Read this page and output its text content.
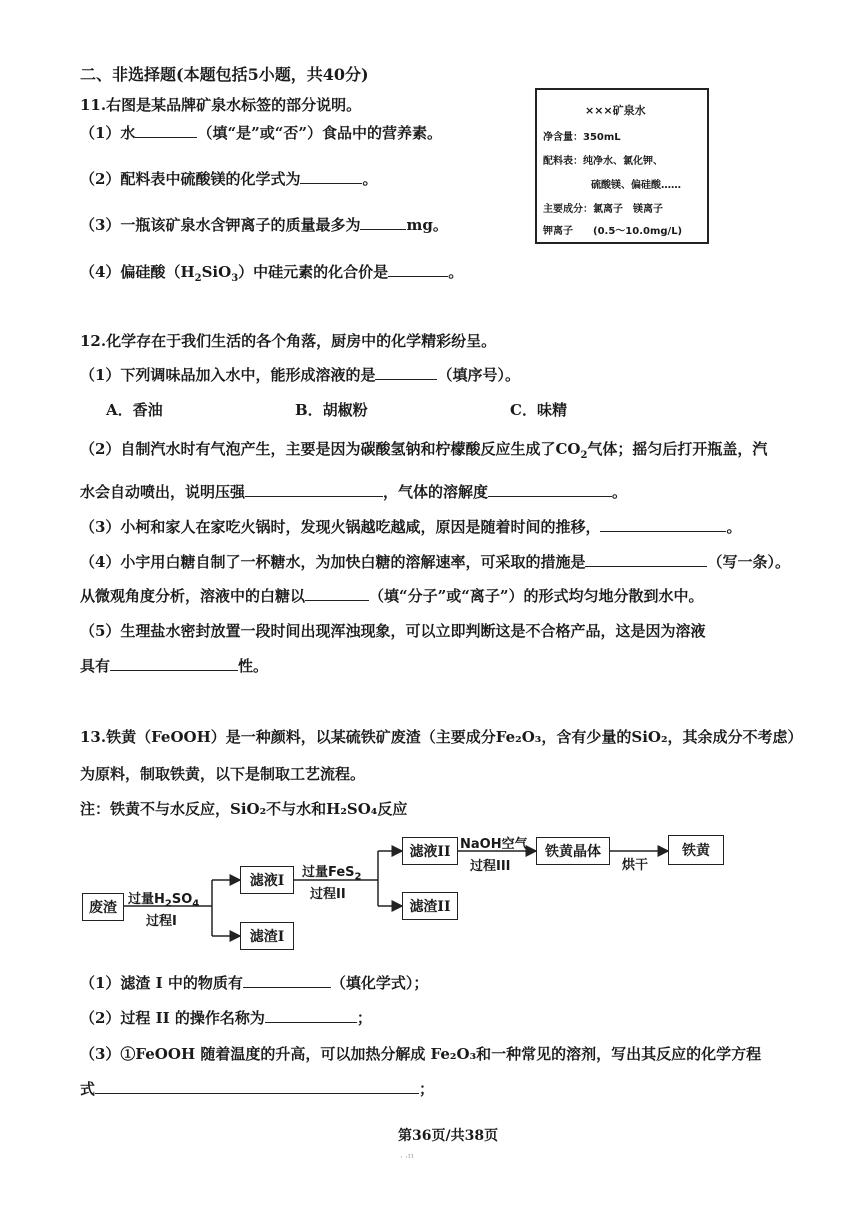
二、非选择题(本题包括5小题，共40分)
11.右图是某品牌矿泉水标签的部分说明。
（1）水	（填“是”或“否”）食品中的营养素。
（2）配料表中硫酸镁的化学式为	。
（3）一瓶该矿泉水含钾离子的质量最多为	mg。
（4）偏硅酸$(H_2SiO_3)$中硅元素的化合价是	。
×××矿泉水
净含量：350mL
配料表：纯净水、氯化钾、
硫酸镁、偏硅酸……
主要成分：氯离子　镁离子
钾离子　　(0.5～10.0mg/L)
12.化学存在于我们生活的各个角落，厨房中的化学精彩纷呈。
（1）下列调味品加入水中，能形成溶液的是	（填序号）。
A．香油	B．胡椒粉	C．味精
（2）自制汽水时有气泡产生，主要是因为碳酸氢钠和柠檬酸反应生成了$CO_2$气体；摇匀后打开瓶盖，汽
水会自动喷出，说明压强	，气体的溶解度	。
（3）小柯和家人在家吃火锅时，发现火锅越吃越咸，原因是随着时间的推移，	。
（4）小宇用白糖自制了一杯糖水，为加快白糖的溶解速率，可采取的措施是	（写一条）。
从微观角度分析，溶液中的白糖以	（填“分子”或“离子”）的形式均匀地分散到水中。
（5）生理盐水密封放置一段时间出现浑浊现象，可以立即判断这是不合格产品，这是因为溶液
具有	性。
13.铁黄（FeOOH）是一种颜料，以某硫铁矿废渣（主要成分Fe₂O₃，含有少量的SiO₂，其余成分不考虑）
为原料，制取铁黄，以下是制取工艺流程。
注：铁黄不与水反应，SiO₂不与水和H₂SO₄反应
废渣
滤液I
滤渣I
滤液II
滤渣II
铁黄晶体	铁黄
过量$H_2SO_4$
过程I
过量FeS$_2$
过程II
NaOH空气
过程III	烘干
（1）滤渣 I 中的物质有	（填化学式）；
（2）过程 II 的操作名称为	；
（3）①FeOOH 随着温度的升高，可以加热分解成 Fe₂O₃和一种常见的溶剂，写出其反应的化学方程
式	；
第36页/共38页
· ·¹¹
